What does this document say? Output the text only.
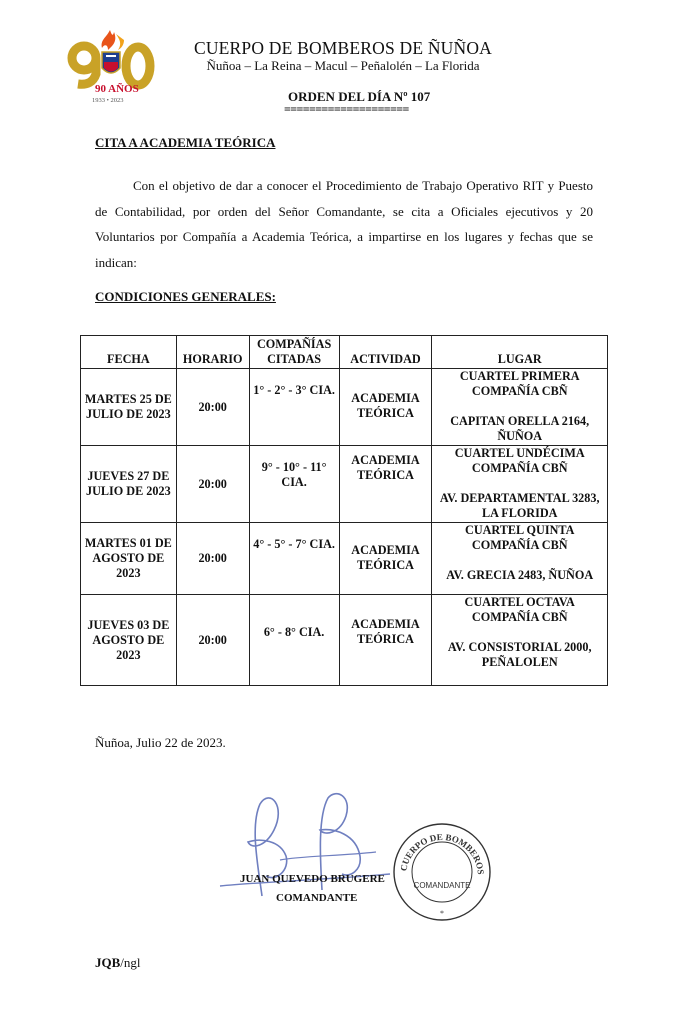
90 AÑOS
1933 • 2023
CUERPO DE BOMBEROS DE ÑUÑOA
Ñuñoa – La Reina – Macul – Peñalolén – La Florida
ORDEN DEL DÍA Nº 107
====================
CITA A ACADEMIA TEÓRICA

Con el objetivo de dar a conocer el Procedimiento de Trabajo Operativo RIT y Puesto de Contabilidad, por orden del Señor Comandante, se cita a Oficiales ejecutivos y 20 Voluntarios por Compañía a Academia Teórica, a impartirse en los lugares y fechas que se indican:

CONDICIONES GENERALES:
FECHA	HORARIO	COMPAÑÍAS CITADAS	ACTIVIDAD	LUGAR
MARTES 25 DE JULIO DE 2023	20:00	1° - 2° - 3° CIA.	ACADEMIA TEÓRICA	CUARTEL PRIMERA COMPAÑÍA CBÑ
CAPITAN ORELLA 2164, ÑUÑOA

JUEVES 27 DE JULIO DE 2023	20:00	9° - 10° - 11° CIA.	ACADEMIA TEÓRICA	CUARTEL UNDÉCIMA COMPAÑÍA CBÑ
AV. DEPARTAMENTAL 3283, LA FLORIDA

MARTES 01 DE AGOSTO DE 2023	20:00	4° - 5° - 7° CIA.	ACADEMIA TEÓRICA	CUARTEL QUINTA COMPAÑÍA CBÑ
AV. GRECIA 2483, ÑUÑOA

JUEVES 03 DE AGOSTO DE 2023	20:00	6° - 8° CIA.	ACADEMIA TEÓRICA	CUARTEL OCTAVA COMPAÑÍA CBÑ
AV. CONSISTORIAL 2000, PEÑALOLEN
Ñuñoa, Julio 22 de 2023.
CUERPO DE BOMBEROS
COMANDANTE
*
JUAN QUEVEDO BRUGERE
COMANDANTE
JQB/ngl
